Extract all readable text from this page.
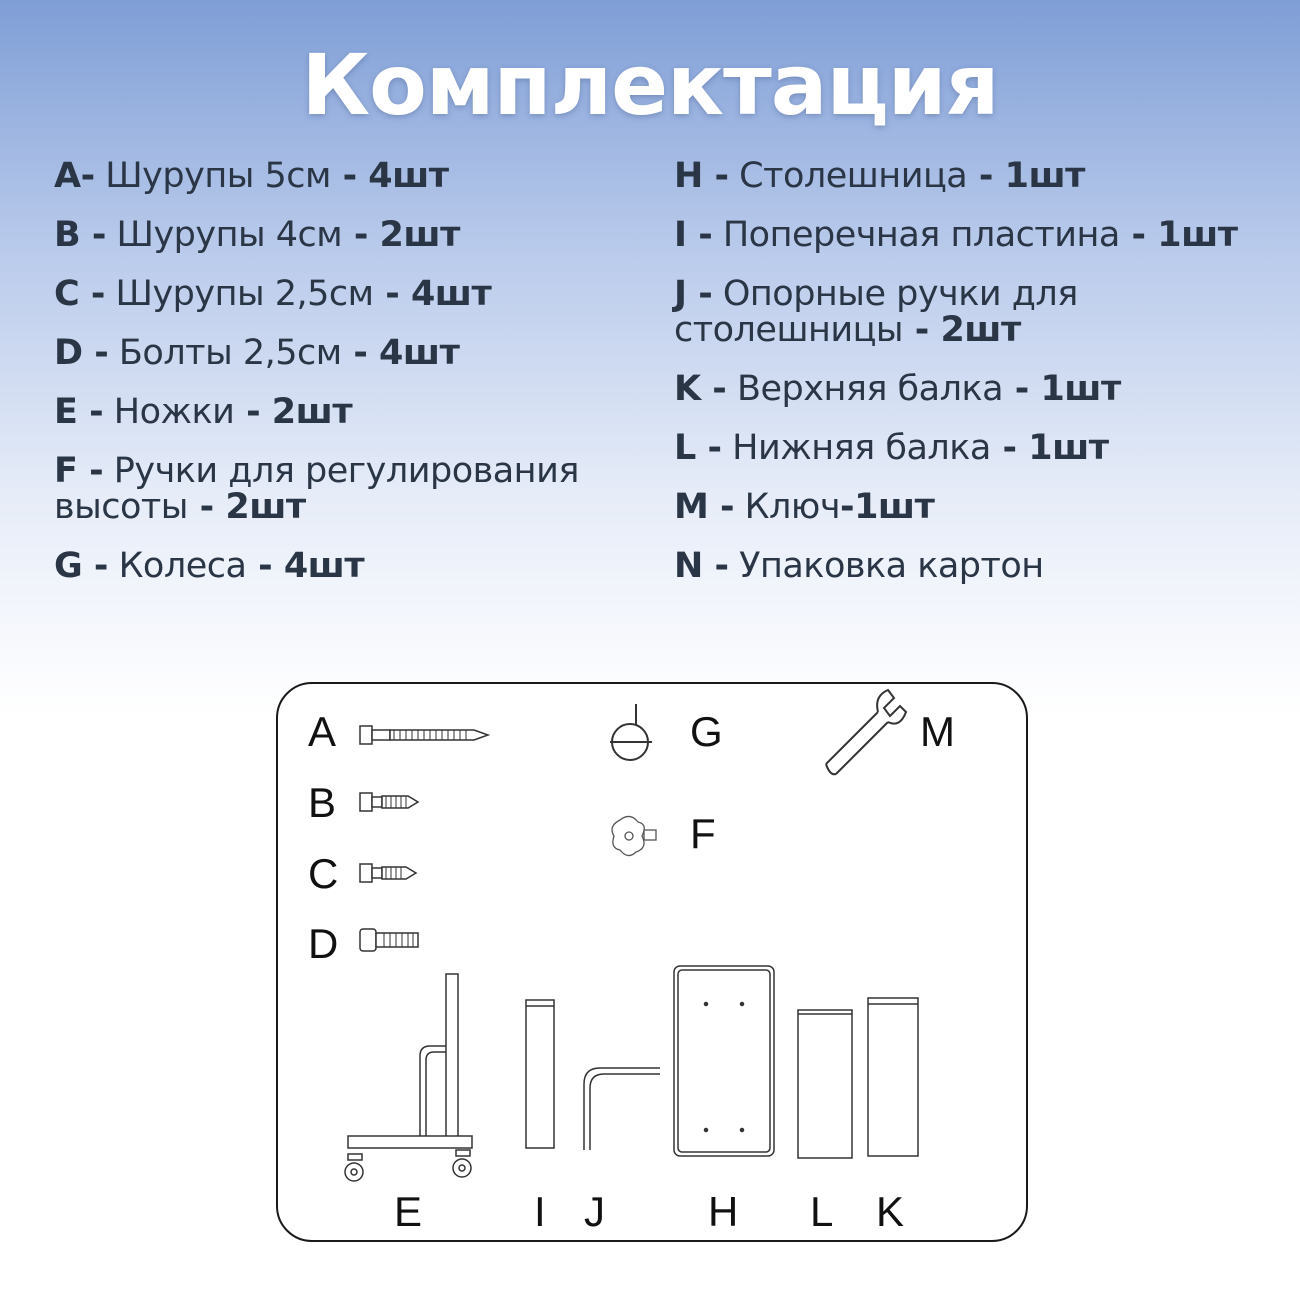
Комплектация
A- Шурупы 5см - 4шт
B - Шурупы 4см - 2шт
C - Шурупы 2,5см - 4шт
D - Болты 2,5см - 4шт
E - Ножки - 2шт
F - Ручки для регулирования высоты - 2шт
G - Колеса - 4шт
H - Столешница - 1шт
I - Поперечная пластина - 1шт
J - Опорные ручки для столешницы - 2шт
K - Верхняя балка - 1шт
L - Нижняя балка - 1шт
M - Ключ-1шт
N - Упаковка картон
A
B
C
D
G
F
M
E	I J H L K
